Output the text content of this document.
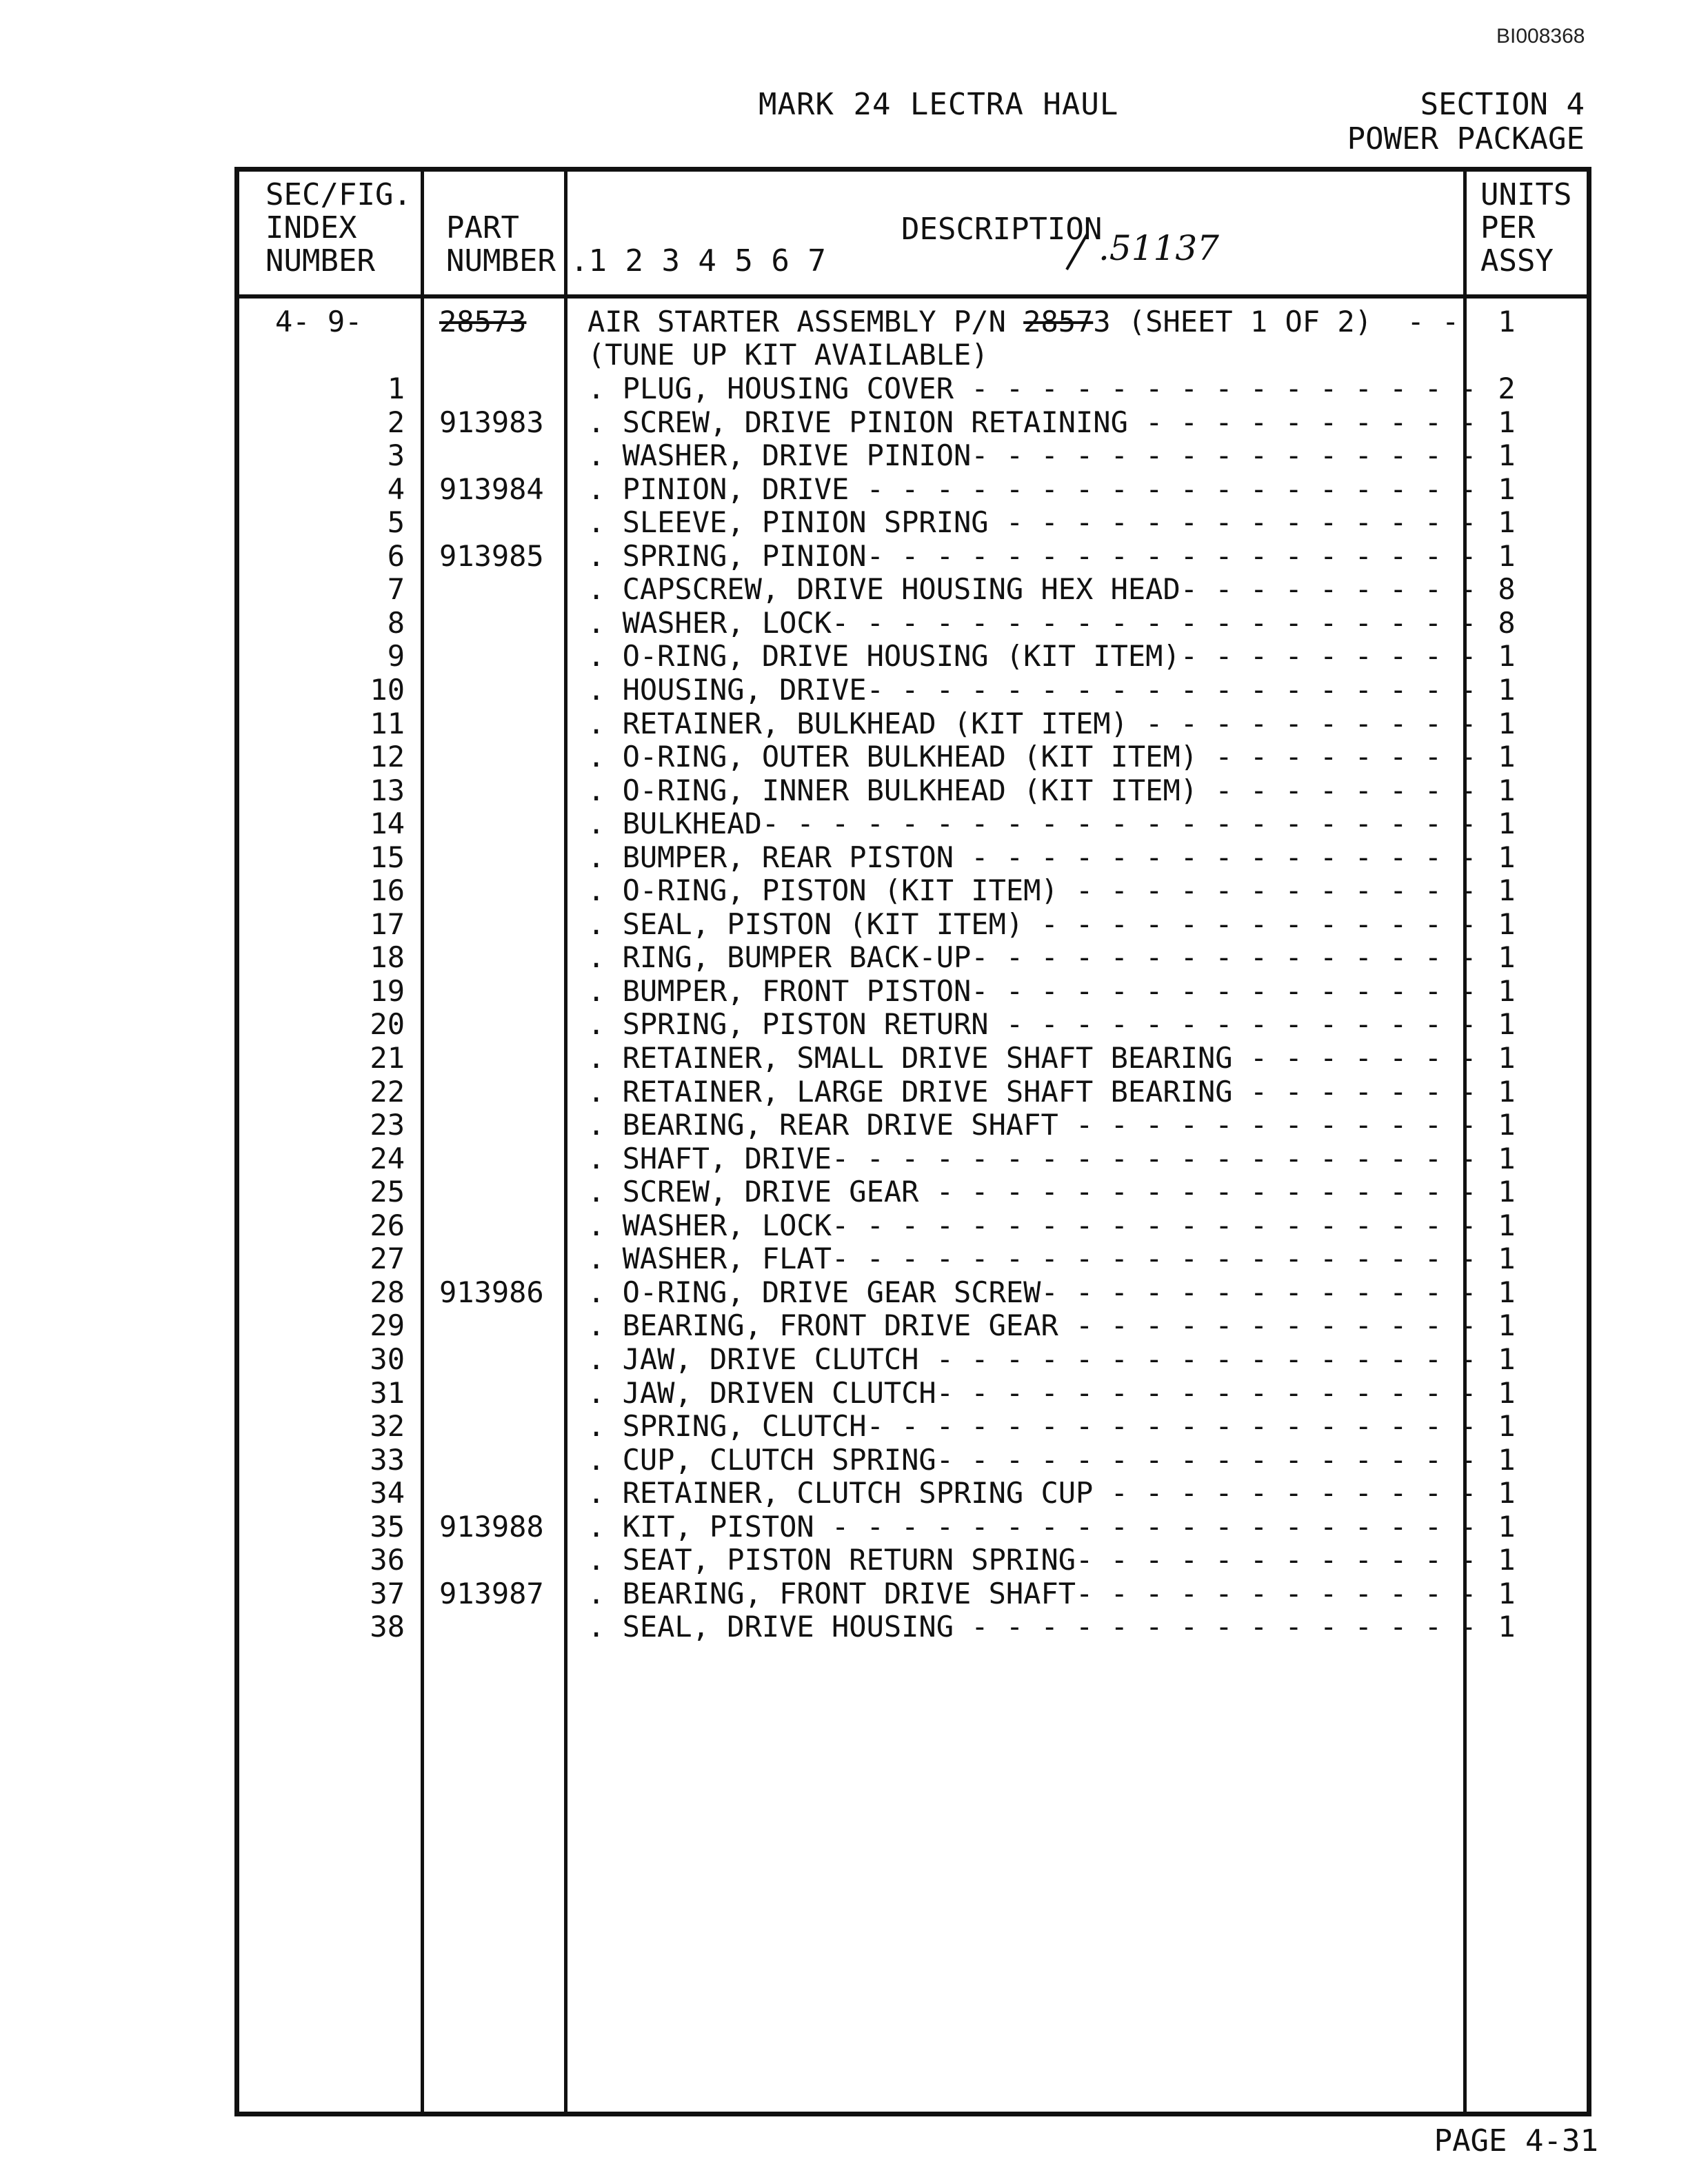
BI008368
MARK 24 LECTRA HAUL	SECTION 4
POWER PACKAGE
SEC/FIG.
INDEX
NUMBER
PART
NUMBER .1 2 3 4 5 6 7
DESCRIPTION
.51137
UNITS
PER
ASSY
4- 9-	28573 AIR STARTER ASSEMBLY P/N 28573 (SHEET 1 OF 2)  - -	1
(TUNE UP KIT AVAILABLE)
1	. PLUG, HOUSING COVER - - - - - - - - - - - - - - - 2
2 913983 . SCREW, DRIVE PINION RETAINING - - - - - - - - - - 1
3	. WASHER, DRIVE PINION- - - - - - - - - - - - - - - 1
4 913984 . PINION, DRIVE - - - - - - - - - - - - - - - - - - 1
5	. SLEEVE, PINION SPRING - - - - - - - - - - - - - - 1
6 913985 . SPRING, PINION- - - - - - - - - - - - - - - - - - 1
7	. CAPSCREW, DRIVE HOUSING HEX HEAD- - - - - - - - - 8
8	. WASHER, LOCK- - - - - - - - - - - - - - - - - - - 8
9	. O-RING, DRIVE HOUSING (KIT ITEM)- - - - - - - - - 1
10	. HOUSING, DRIVE- - - - - - - - - - - - - - - - - - 1
11	. RETAINER, BULKHEAD (KIT ITEM) - - - - - - - - - - 1
12	. O-RING, OUTER BULKHEAD (KIT ITEM) - - - - - - - - 1
13	. O-RING, INNER BULKHEAD (KIT ITEM) - - - - - - - - 1
14	. BULKHEAD- - - - - - - - - - - - - - - - - - - - - 1
15	. BUMPER, REAR PISTON - - - - - - - - - - - - - - - 1
16	. O-RING, PISTON (KIT ITEM) - - - - - - - - - - - - 1
17	. SEAL, PISTON (KIT ITEM) - - - - - - - - - - - - - 1
18	. RING, BUMPER BACK-UP- - - - - - - - - - - - - - - 1
19	. BUMPER, FRONT PISTON- - - - - - - - - - - - - - - 1
20	. SPRING, PISTON RETURN - - - - - - - - - - - - - - 1
21	. RETAINER, SMALL DRIVE SHAFT BEARING - - - - - - - 1
22	. RETAINER, LARGE DRIVE SHAFT BEARING - - - - - - - 1
23	. BEARING, REAR DRIVE SHAFT - - - - - - - - - - - - 1
24	. SHAFT, DRIVE- - - - - - - - - - - - - - - - - - - 1
25	. SCREW, DRIVE GEAR - - - - - - - - - - - - - - - - 1
26	. WASHER, LOCK- - - - - - - - - - - - - - - - - - - 1
27	. WASHER, FLAT- - - - - - - - - - - - - - - - - - - 1
28 913986 . O-RING, DRIVE GEAR SCREW- - - - - - - - - - - - - 1
29	. BEARING, FRONT DRIVE GEAR - - - - - - - - - - - - 1
30	. JAW, DRIVE CLUTCH - - - - - - - - - - - - - - - - 1
31	. JAW, DRIVEN CLUTCH- - - - - - - - - - - - - - - - 1
32	. SPRING, CLUTCH- - - - - - - - - - - - - - - - - - 1
33	. CUP, CLUTCH SPRING- - - - - - - - - - - - - - - - 1
34	. RETAINER, CLUTCH SPRING CUP - - - - - - - - - - - 1
35 913988 . KIT, PISTON - - - - - - - - - - - - - - - - - - - 1
36	. SEAT, PISTON RETURN SPRING- - - - - - - - - - - - 1
37 913987 . BEARING, FRONT DRIVE SHAFT- - - - - - - - - - - - 1
38	. SEAL, DRIVE HOUSING - - - - - - - - - - - - - - - 1
PAGE 4-31
